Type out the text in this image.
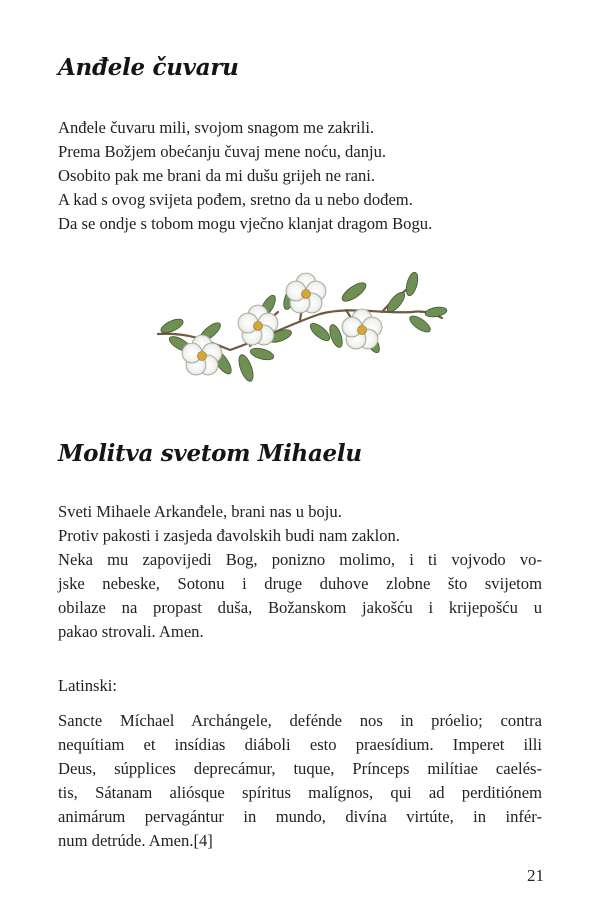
Anđele čuvaru
Anđele čuvaru mili, svojom snagom me zakrili.
Prema Božjem obećanju čuvaj mene noću, danju.
Osobito pak me brani da mi dušu grijeh ne rani.
A kad s ovog svijeta pođem, sretno da u nebo dođem.
Da se ondje s tobom mogu vječno klanjat dragom Bogu.
Molitva svetom Mihaelu
Sveti Mihaele Arkanđele, brani nas u boju.
Protiv pakosti i zasjeda đavolskih budi nam zaklon.
Neka mu zapovijedi Bog, ponizno molimo, i ti vojvodo vo-
jske nebeske, Sotonu i druge duhove zlobne što svijetom
obilaze na propast duša, Božanskom jakošću i krijepošću u
pakao strovali. Amen.
Latinski:
Sancte Míchael Archángele, deféndе nos in próelio; contra
nequítiam et insídias diáboli esto praesídium. Imperet illi
Deus, súpplices deprecámur, tuque, Prínceps milítiae caelés-
tis, Sátanam aliósque spíritus malígnos, qui ad perditiónem
animárum pervagántur in mundo, divína virtúte, in infér-
num detrúde. Amen.[4]
21
